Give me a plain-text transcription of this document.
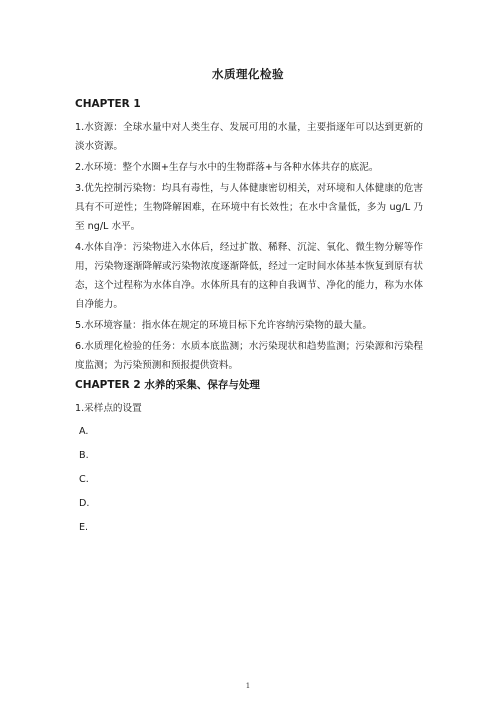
水质理化检验
CHAPTER 1

1.水资源：全球水量中对人类生存、发展可用的水量，主要指逐年可以达到更新的淡水资源。

2.水环境：整个水圈+生存与水中的生物群落+与各种水体共存的底泥。

3.优先控制污染物：均具有毒性，与人体健康密切相关，对环境和人体健康的危害具有不可逆性；生物降解困难，在环境中有长效性；在水中含量低，多为 ug/L 乃至 ng/L 水平。

4.水体自净：污染物进入水体后，经过扩散、稀释、沉淀、氧化、微生物分解等作用，污染物逐渐降解或污染物浓度逐渐降低，经过一定时间水体基本恢复到原有状态，这个过程称为水体自净。水体所具有的这种自我调节、净化的能力，称为水体自净能力。

5.水环境容量：指水体在规定的环境目标下允许容纳污染物的最大量。

6.水质理化检验的任务：水质本底监测；水污染现状和趋势监测；污染源和污染程度监测；为污染预测和预报提供资料。

CHAPTER 2 水养的采集、保存与处理

1.采样点的设置

A.
B.
C.
D.
E.
1
